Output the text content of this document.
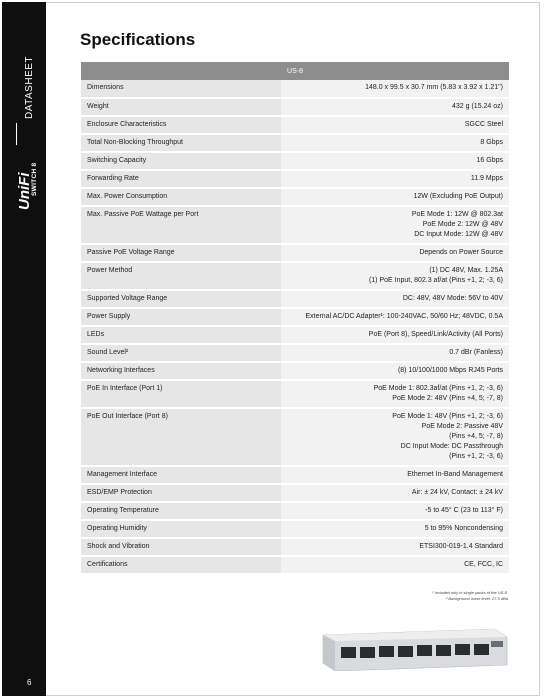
DATASHEET
UniFi
SWITCH 8
6
Specifications
US-8	
Dimensions	148.0 x 99.5 x 30.7 mm (5.83 x 3.92 x 1.21")

Weight	432 g (15.24 oz)

Enclosure Characteristics	SGCC Steel

Total Non-Blocking Throughput	8 Gbps

Switching Capacity	16 Gbps

Forwarding Rate	11.9 Mpps

Max. Power Consumption	12W (Excluding PoE Output)

Max. Passive PoE Wattage per Port	PoE Mode 1: 12W @ 802.3at
PoE Mode 2: 12W @ 48V
DC Input Mode: 12W @ 48V

Passive PoE Voltage Range	Depends on Power Source

Power Method	(1) DC 48V, Max. 1.25A
(1) PoE Input, 802.3 af/at (Pins +1, 2; -3, 6)

Supported Voltage Range	DC: 48V, 48V Mode: 56V to 40V

Power Supply	External AC/DC Adapter¹: 100-240VAC, 50/60 Hz; 48VDC, 0.5A

LEDs	PoE (Port 8), Speed/Link/Activity (All Ports)

Sound Level²	0.7 dBr (Fanless)

Networking Interfaces	(8) 10/100/1000 Mbps RJ45 Ports

PoE In Interface (Port 1)	PoE Mode 1: 802.3af/at (Pins +1, 2; -3, 6)
PoE Mode 2: 48V (Pins +4, 5; -7, 8)

PoE Out Interface (Port 8)	PoE Mode 1: 48V (Pins +1, 2; -3, 6)
PoE Mode 2: Passive 48V
(Pins +4, 5; -7, 8)
DC Input Mode: DC Passthrough
(Pins +1, 2; -3, 6)

Management Interface	Ethernet In-Band Management

ESD/EMP Protection	Air: ± 24 kV, Contact: ± 24 kV

Operating Temperature	-5 to 45° C (23 to 113° F)

Operating Humidity	5 to 95% Noncondensing

Shock and Vibration	ETSI300-019-1.4 Standard

Certifications	CE, FCC, IC
¹ Included only in single packs of the US-8.
² Background noise level: 27.5 dBa
